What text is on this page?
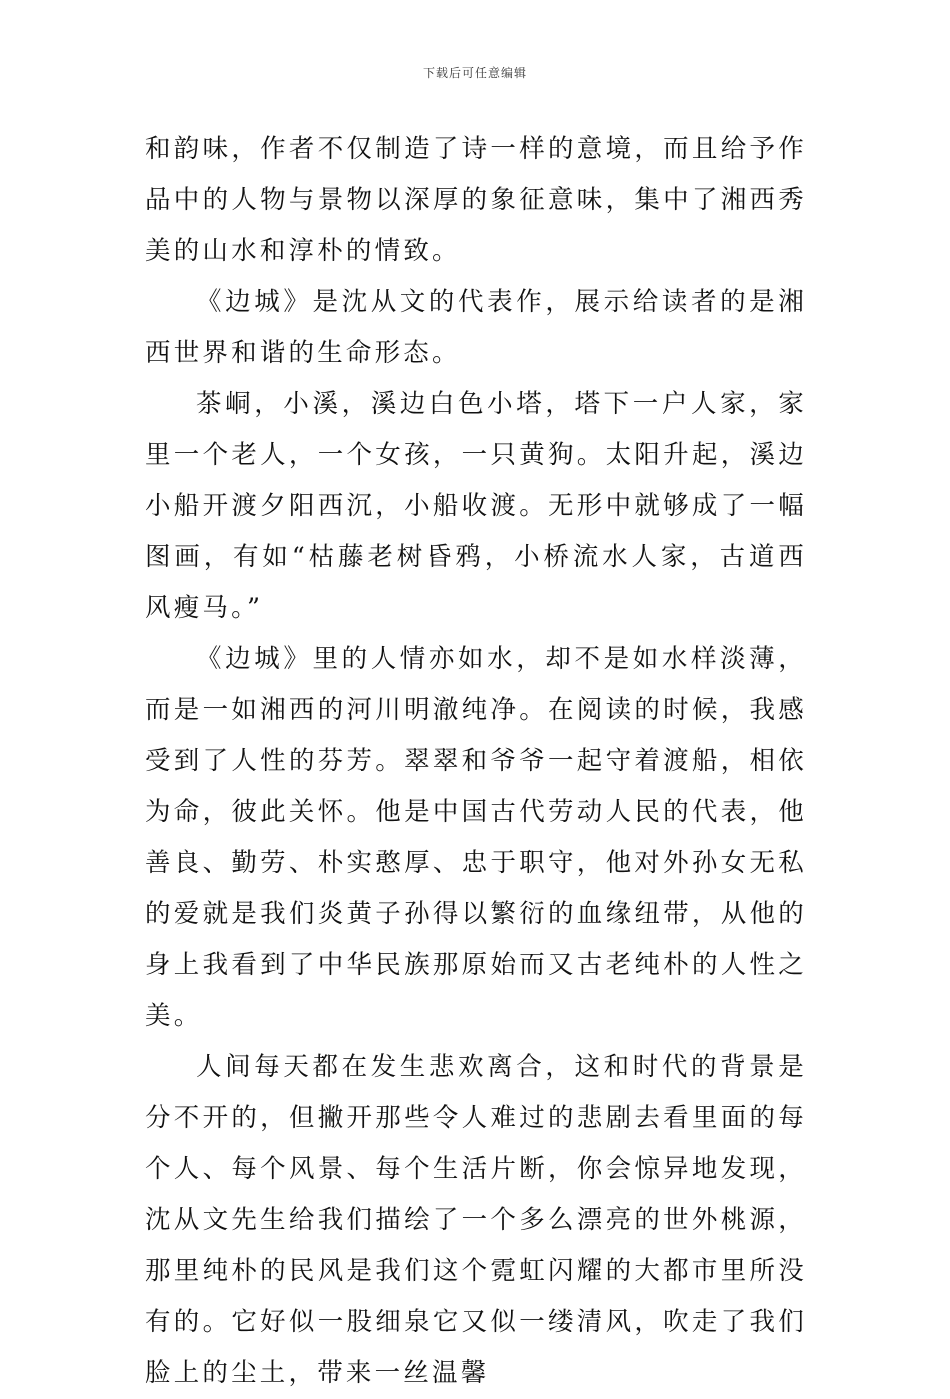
下载后可任意编辑

和韵味，作者不仅制造了诗一样的意境，而且给予作品中的人物与景物以深厚的象征意味，集中了湘西秀美的山水和淳朴的情致。

《边城》是沈从文的代表作，展示给读者的是湘西世界和谐的生命形态。

茶峒，小溪，溪边白色小塔，塔下一户人家，家里一个老人，一个女孩，一只黄狗。太阳升起，溪边小船开渡夕阳西沉，小船收渡。无形中就够成了一幅图画，有如“枯藤老树昏鸦，小桥流水人家，古道西风瘦马。”

《边城》里的人情亦如水，却不是如水样淡薄，而是一如湘西的河川明澈纯净。在阅读的时候，我感受到了人性的芬芳。翠翠和爷爷一起守着渡船，相依为命，彼此关怀。他是中国古代劳动人民的代表，他善良、勤劳、朴实憨厚、忠于职守，他对外孙女无私的爱就是我们炎黄子孙得以繁衍的血缘纽带，从他的身上我看到了中华民族那原始而又古老纯朴的人性之美。

人间每天都在发生悲欢离合，这和时代的背景是分不开的，但撇开那些令人难过的悲剧去看里面的每个人、每个风景、每个生活片断，你会惊异地发现，沈从文先生给我们描绘了一个多么漂亮的世外桃源，那里纯朴的民风是我们这个霓虹闪耀的大都市里所没有的。它好似一股细泉它又似一缕清风，吹走了我们脸上的尘土，带来一丝温馨
